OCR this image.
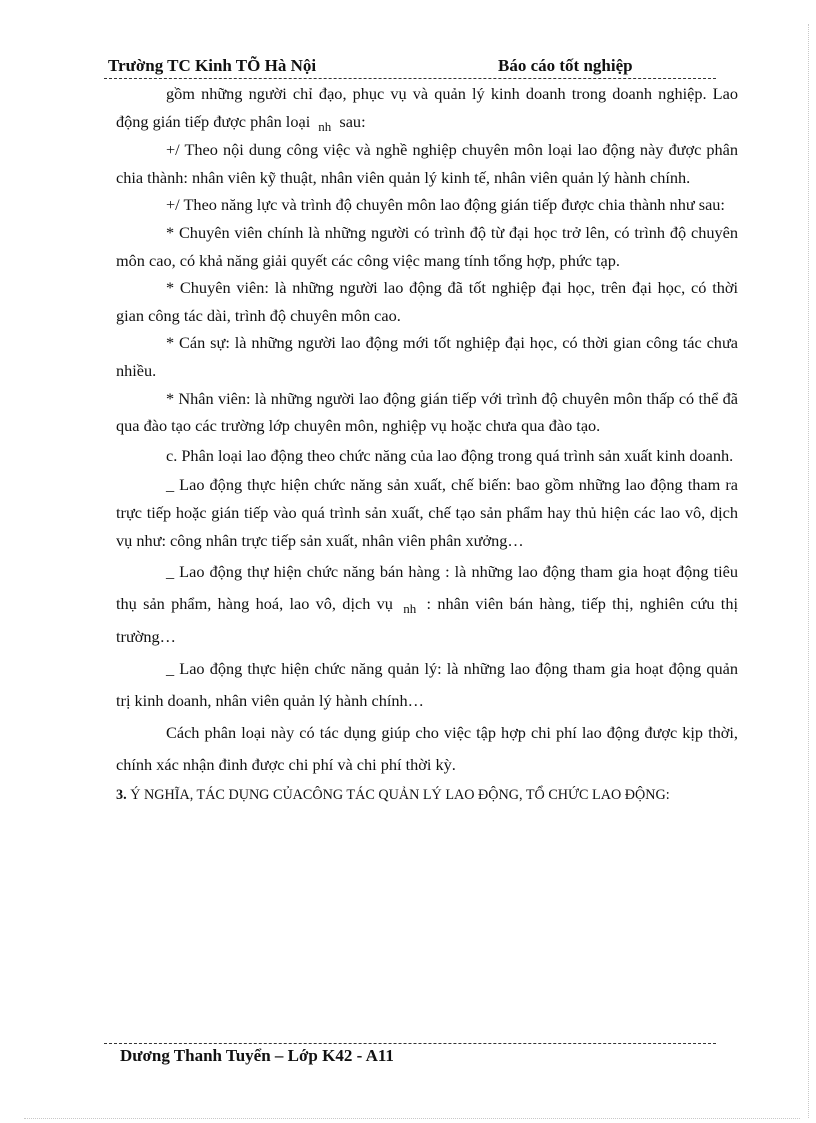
Trường TC Kinh TÕ Hà Nội	Báo cáo tốt nghiệp

gồm những người chỉ đạo, phục vụ và quản lý kinh doanh trong doanh nghiệp. Lao động gián tiếp được phân loại $_{nh}$ sau:

+/ Theo nội dung công việc và nghề nghiệp chuyên môn loại lao động này được phân chia thành: nhân viên kỹ thuật, nhân viên quản lý kinh tế, nhân viên quản lý hành chính.

+/ Theo năng lực và trình độ chuyên môn lao động gián tiếp được chia thành như sau:

* Chuyên viên chính là những người có trình độ từ đại học trở lên, có trình độ chuyên môn cao, có khả năng giải quyết các công việc mang tính tổng hợp, phức tạp.

* Chuyên viên: là những người lao động đã tốt nghiệp đại học, trên đại học, có thời gian công tác dài, trình độ chuyên môn cao.

* Cán sự: là những người lao động mới tốt nghiệp đại học, có thời gian công tác chưa nhiều.

* Nhân viên: là những người lao động gián tiếp với trình độ chuyên môn thấp có thể đã qua đào tạo các trường lớp chuyên môn, nghiệp vụ hoặc chưa qua đào tạo.

c. Phân loại lao động theo chức năng của lao động trong quá trình sản xuất kinh doanh.

_ Lao động thực hiện chức năng sản xuất, chế biến: bao gồm những lao động tham ra trực tiếp hoặc gián tiếp vào quá trình sản xuất, chế tạo sản phẩm hay thủ hiện các lao vô, dịch vụ như: công nhân trực tiếp sản xuất, nhân viên phân xưởng…

_ Lao động thự hiện chức năng bán hàng : là những lao động tham gia hoạt động tiêu thụ sản phẩm, hàng hoá, lao vô, dịch vụ $_{nh}$ : nhân viên bán hàng, tiếp thị, nghiên cứu thị trường…

_ Lao động thực hiện chức năng quản lý: là những lao động tham gia hoạt động quản trị kinh doanh, nhân viên quản lý hành chính…

Cách phân loại này có tác dụng giúp cho việc tập hợp chi phí lao động được kịp thời, chính xác nhận đinh được chi phí và chi phí thời kỳ.

3. Ý NGHĨA, TÁC DỤNG CỦACÔNG TÁC QUẢN LÝ LAO ĐỘNG, TỔ CHỨC LAO ĐỘNG:

Dương Thanh Tuyển – Lớp K42 - A11
